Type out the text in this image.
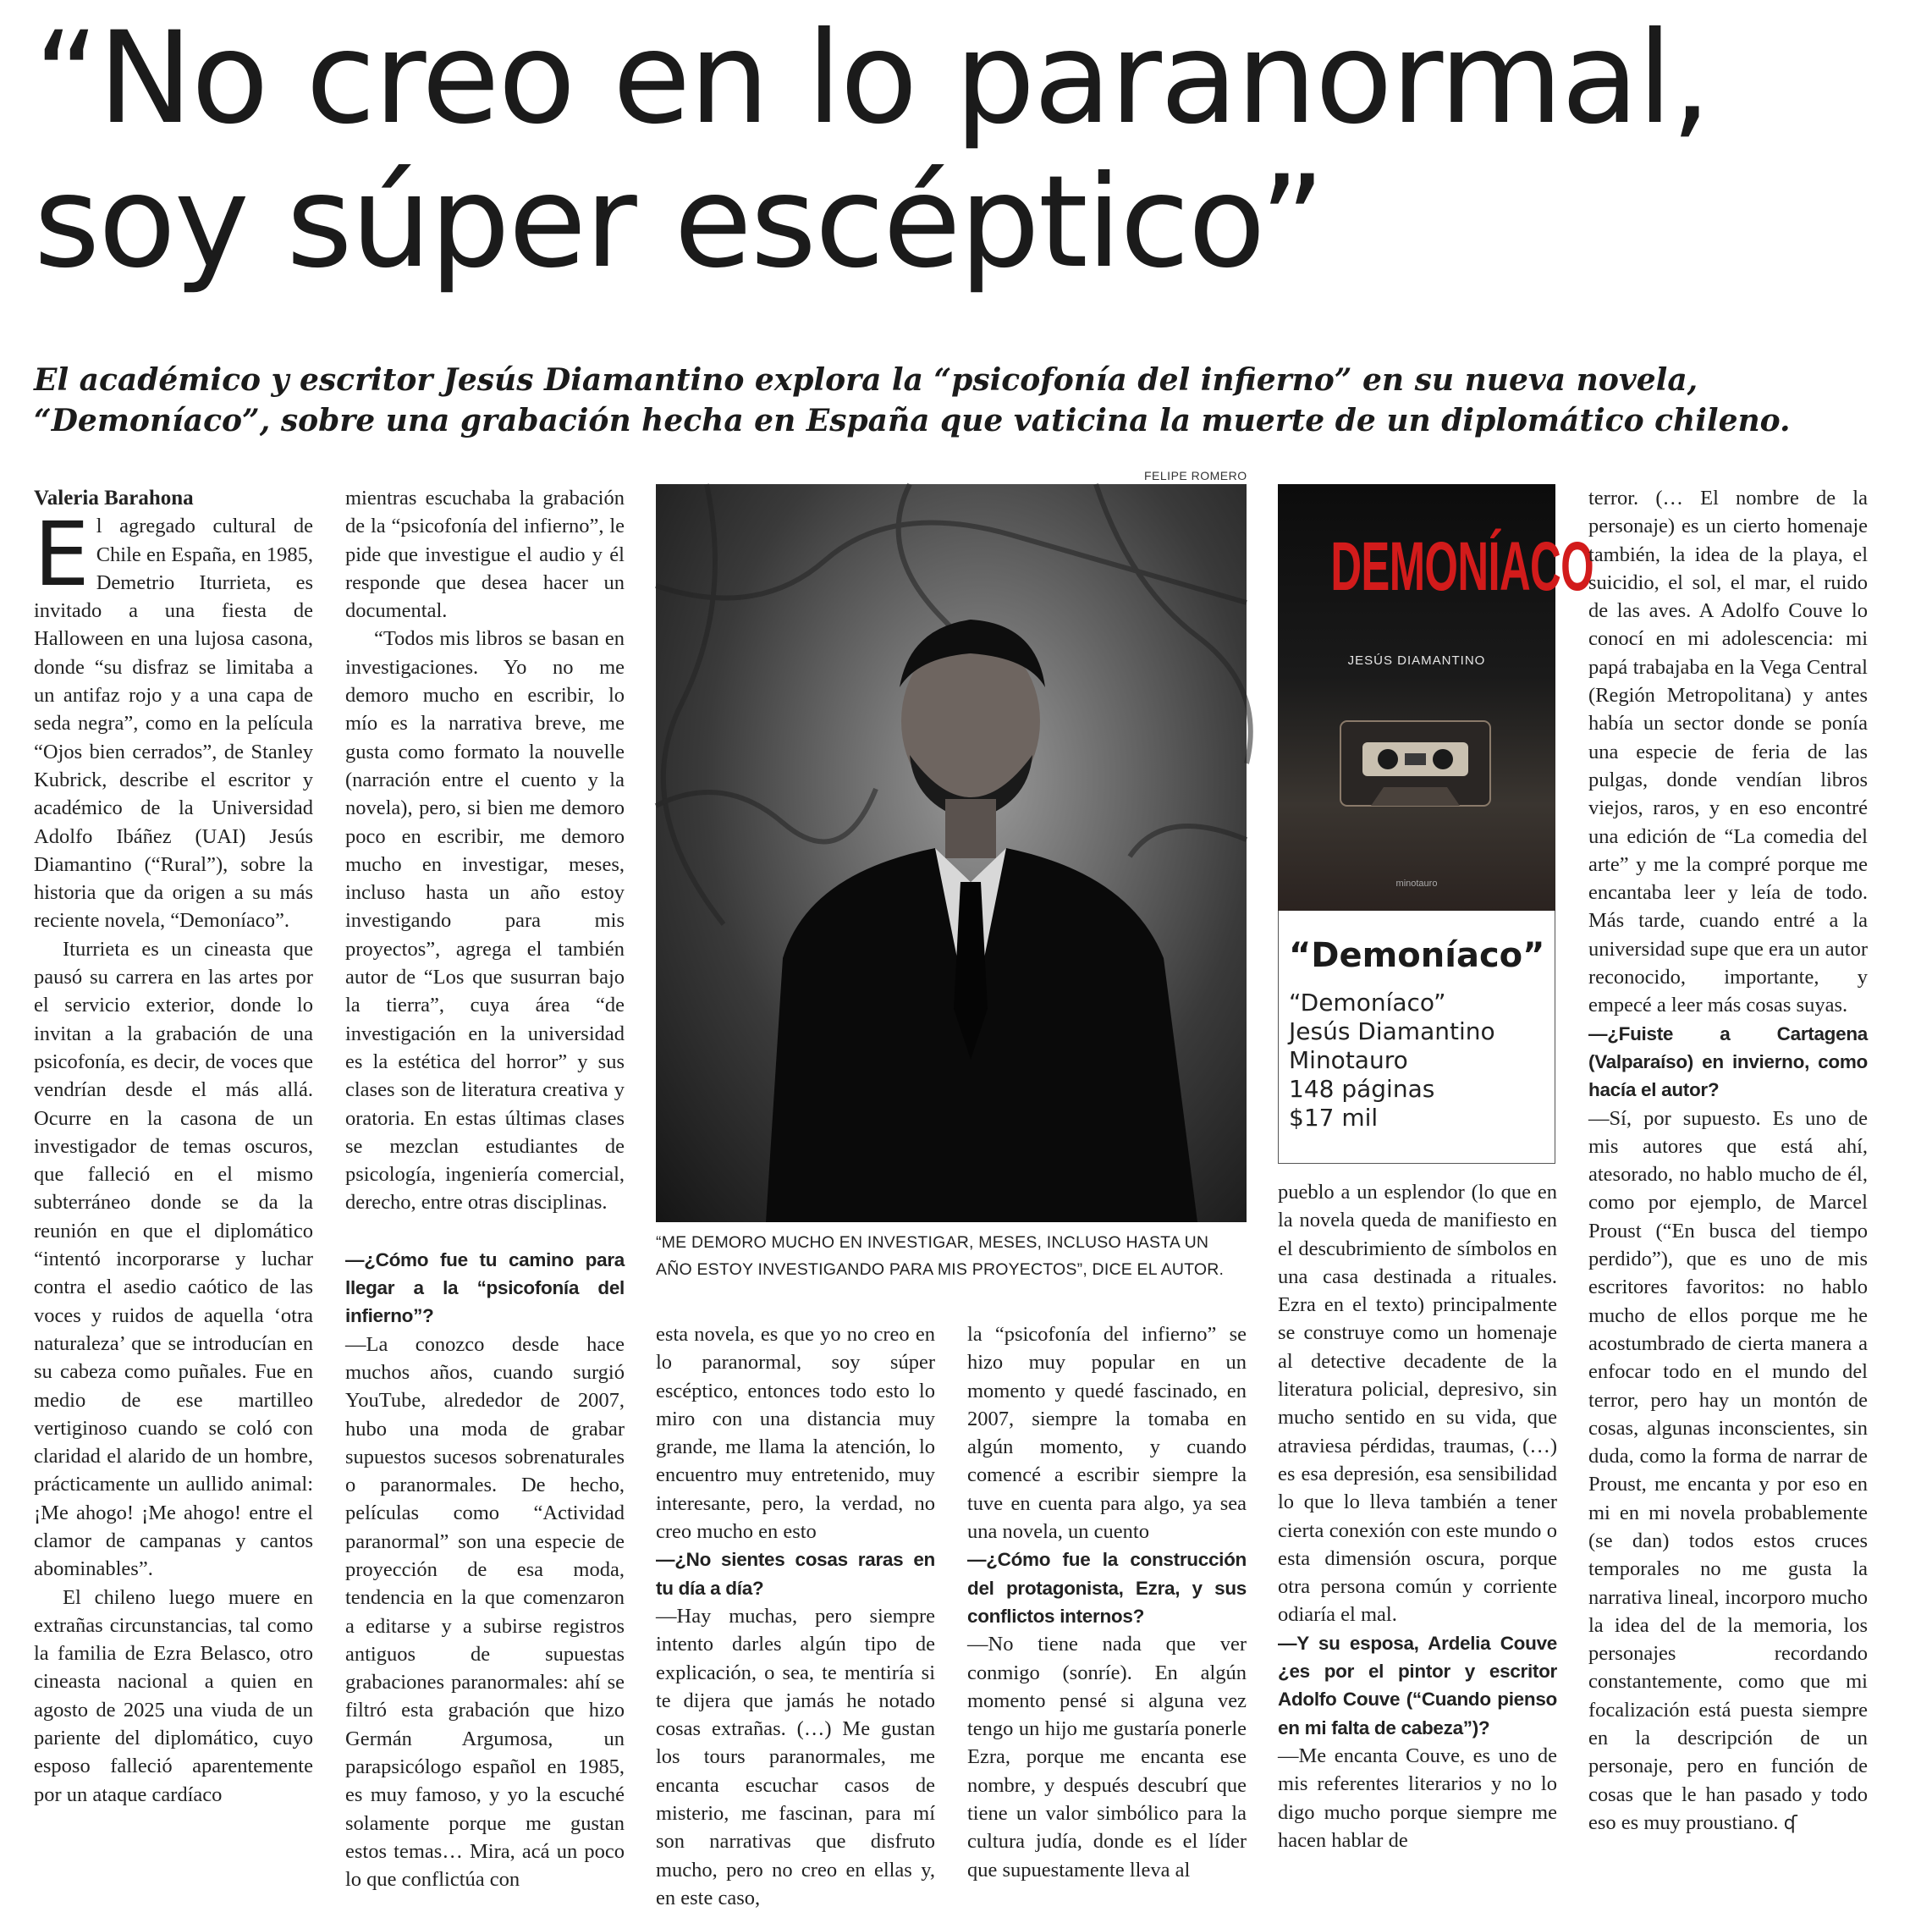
“No creo en lo paranormal,
soy súper escéptico”

El académico y escritor Jesús Diamantino explora la “psicofonía del infierno” en su nueva novela, “Demoníaco”, sobre una grabación hecha en España que vaticina la muerte de un diplomático chileno.

Valeria Barahona

El agregado cultural de Chile en España, en 1985, Demetrio Iturrieta, es invitado a una fiesta de Halloween en una lujosa casona, donde “su disfraz se limitaba a un antifaz rojo y a una capa de seda negra”, como en la película “Ojos bien cerrados”, de Stanley Kubrick, describe el escritor y académico de la Universidad Adolfo Ibáñez (UAI) Jesús Diamantino (“Rural”), sobre la historia que da origen a su más reciente novela, “Demoníaco”.

Iturrieta es un cineasta que pausó su carrera en las artes por el servicio exterior, donde lo invitan a la grabación de una psicofonía, es decir, de voces que vendrían desde el más allá. Ocurre en la casona de un investigador de temas oscuros, que falleció en el mismo subterráneo donde se da la reunión en que el diplomático “intentó incorporarse y luchar contra el asedio caótico de las voces y ruidos de aquella ‘otra naturaleza’ que se introducían en su cabeza como puñales. Fue en medio de ese martilleo vertiginoso cuando se coló con claridad el alarido de un hombre, prácticamente un aullido animal: ¡Me ahogo! ¡Me ahogo! entre el clamor de campanas y cantos abominables”.

El chileno luego muere en extrañas circunstancias, tal como la familia de Ezra Belasco, otro cineasta nacional a quien en agosto de 2025 una viuda de un pariente del diplomático, cuyo esposo falleció aparentemente por un ataque cardíaco

mientras escuchaba la grabación de la “psicofonía del infierno”, le pide que investigue el audio y él responde que desea hacer un documental.

“Todos mis libros se basan en investigaciones. Yo no me demoro mucho en escribir, lo mío es la narrativa breve, me gusta como formato la nouvelle (narración entre el cuento y la novela), pero, si bien me demoro poco en escribir, me demoro mucho en investigar, meses, incluso hasta un año estoy investigando para mis proyectos”, agrega el también autor de “Los que susurran bajo la tierra”, cuya área “de investigación en la universidad es la estética del horror” y sus clases son de literatura creativa y oratoria. En estas últimas clases se mezclan estudiantes de psicología, ingeniería comercial, derecho, entre otras disciplinas.

—¿Cómo fue tu camino para llegar a la “psicofonía del infierno”?

—La conozco desde hace muchos años, cuando surgió YouTube, alrededor de 2007, hubo una moda de grabar supuestos sucesos sobrenaturales o paranormales. De hecho, películas como “Actividad paranormal” son una especie de proyección de esa moda, tendencia en la que comenzaron a editarse y a subirse registros antiguos de supuestas grabaciones paranormales: ahí se filtró esta grabación que hizo Germán Argumosa, un parapsicólogo español en 1985, es muy famoso, y yo la escuché solamente porque me gustan estos temas… Mira, acá un poco lo que conflictúa con

FELIPE ROMERO
“ME DEMORO MUCHO EN INVESTIGAR, MESES, INCLUSO HASTA UN AÑO ESTOY INVESTIGANDO PARA MIS PROYECTOS”, DICE EL AUTOR.
DEMONÍACO
JESÚS DIAMANTINO
minotauro
“Demoníaco”
“Demoníaco”
Jesús Diamantino
Minotauro
148 páginas
$17 mil

esta novela, es que yo no creo en lo paranormal, soy súper escéptico, entonces todo esto lo miro con una distancia muy grande, me llama la atención, lo encuentro muy entretenido, muy interesante, pero, la verdad, no creo mucho en esto

—¿No sientes cosas raras en tu día a día?

—Hay muchas, pero siempre intento darles algún tipo de explicación, o sea, te mentiría si te dijera que jamás he notado cosas extrañas. (…) Me gustan los tours paranormales, me encanta escuchar casos de misterio, me fascinan, para mí son narrativas que disfruto mucho, pero no creo en ellas y, en este caso,

la “psicofonía del infierno” se hizo muy popular en un momento y quedé fascinado, en 2007, siempre la tomaba en algún momento, y cuando comencé a escribir siempre la tuve en cuenta para algo, ya sea una novela, un cuento

—¿Cómo fue la construcción del protagonista, Ezra, y sus conflictos internos?

—No tiene nada que ver conmigo (sonríe). En algún momento pensé si alguna vez tengo un hijo me gustaría ponerle Ezra, porque me encanta ese nombre, y después descubrí que tiene un valor simbólico para la cultura judía, donde es el líder que supuestamente lleva al

pueblo a un esplendor (lo que en la novela queda de manifiesto en el descubrimiento de símbolos en una casa destinada a rituales. Ezra en el texto) principalmente se construye como un homenaje al detective decadente de la literatura policial, depresivo, sin mucho sentido en su vida, que atraviesa pérdidas, traumas, (…) es esa depresión, esa sensibilidad lo que lo lleva también a tener cierta conexión con este mundo o esta dimensión oscura, porque otra persona común y corriente odiaría el mal.

—Y su esposa, Ardelia Couve ¿es por el pintor y escritor Adolfo Couve (“Cuando pienso en mi falta de cabeza”)?

—Me encanta Couve, es uno de mis referentes literarios y no lo digo mucho porque siempre me hacen hablar de

terror. (… El nombre de la personaje) es un cierto homenaje también, la idea de la playa, el suicidio, el sol, el mar, el ruido de las aves. A Adolfo Couve lo conocí en mi adolescencia: mi papá trabajaba en la Vega Central (Región Metropolitana) y antes había un sector donde se ponía una especie de feria de las pulgas, donde vendían libros viejos, raros, y en eso encontré una edición de “La comedia del arte” y me la compré porque me encantaba leer y leía de todo. Más tarde, cuando entré a la universidad supe que era un autor reconocido, importante, y empecé a leer más cosas suyas.

—¿Fuiste a Cartagena (Valparaíso) en invierno, como hacía el autor?

—Sí, por supuesto. Es uno de mis autores que está ahí, atesorado, no hablo mucho de él, como por ejemplo, de Marcel Proust (“En busca del tiempo perdido”), que es uno de mis escritores favoritos: no hablo mucho de ellos porque me he acostumbrado de cierta manera a enfocar todo en el mundo del terror, pero hay un montón de cosas, algunas inconscientes, sin duda, como la forma de narrar de Proust, me encanta y por eso en mi en mi novela probablemente (se dan) todos estos cruces temporales no me gusta la narrativa lineal, incorporo mucho la idea del de la memoria, los personajes recordando constantemente, como que mi focalización está puesta siempre en la descripción de un personaje, pero en función de cosas que le han pasado y todo eso es muy proustiano. ʠ
